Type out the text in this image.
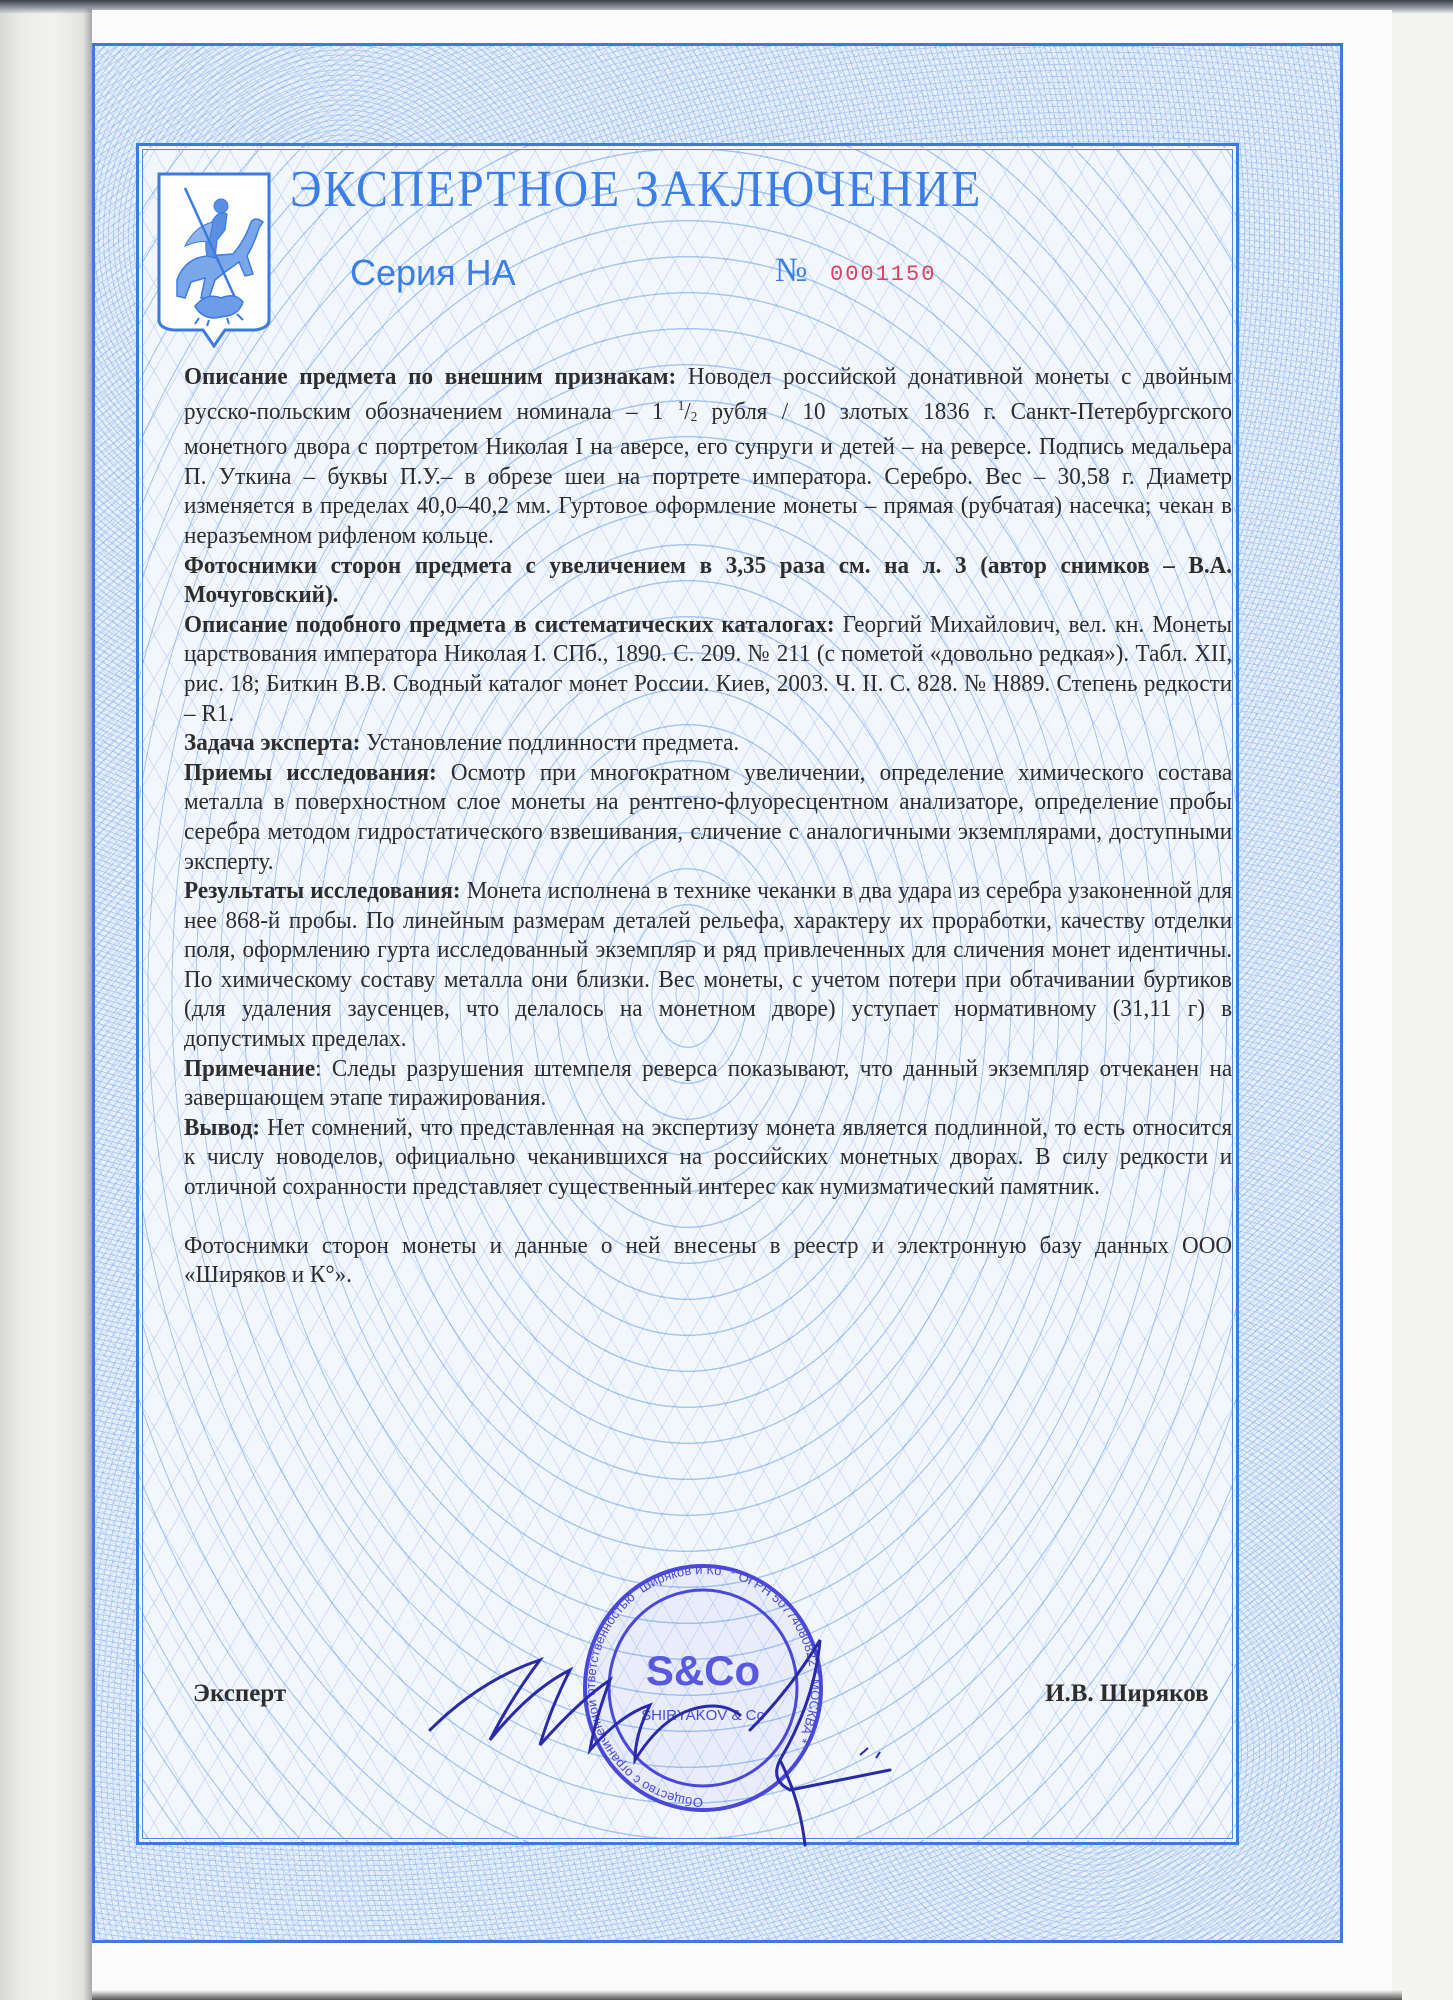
ЭКСПЕРТНОЕ ЗАКЛЮЧЕНИЕ
Серия НА	№ 0001150

Описание предмета по внешним признакам: Новодел российской донативной монеты с двойным русско-польским обозначением номинала – 1 $^1/_2$ рубля / 10 злотых 1836 г. Санкт-Петербургского монетного двора с портретом Николая I на аверсе, его супруги и детей – на реверсе. Подпись медальера П. Уткина – буквы П.У.– в обрезе шеи на портрете императора. Серебро. Вес – 30,58 г. Диаметр изменяется в пределах 40,0–40,2 мм. Гуртовое оформление монеты – прямая (рубчатая) насечка; чекан в неразъемном рифленом кольце.

Фотоснимки сторон предмета с увеличением в 3,35 раза см. на л. 3 (автор снимков – В.А. Мочуговский).

Описание подобного предмета в систематических каталогах: Георгий Михайлович, вел. кн. Монеты царствования императора Николая I. СПб., 1890. С. 209. № 211 (с пометой «довольно редкая»). Табл. XII, рис. 18; Биткин В.В. Сводный каталог монет России. Киев, 2003. Ч. II. С. 828. № Н889. Степень редкости – R1.

Задача эксперта: Установление подлинности предмета.

Приемы исследования: Осмотр при многократном увеличении, определение химического состава металла в поверхностном слое монеты на рентгено-флуоресцентном анализаторе, определение пробы серебра методом гидростатического взвешивания, сличение с аналогичными экземплярами, доступными эксперту.

Результаты исследования: Монета исполнена в технике чеканки в два удара из серебра узаконенной для нее 868-й пробы. По линейным размерам деталей рельефа, характеру их проработки, качеству отделки поля, оформлению гурта исследованный экземпляр и ряд привлеченных для сличения монет идентичны. По химическому составу металла они близки. Вес монеты, с учетом потери при обтачивании буртиков (для удаления заусенцев, что делалось на монетном дворе) уступает нормативному (31,11 г) в допустимых пределах.

Примечание: Следы разрушения штемпеля реверса показывают, что данный экземпляр отчеканен на завершающем этапе тиражирования.

Вывод: Нет сомнений, что представленная на экспертизу монета является подлинной, то есть относится к числу новоделов, официально чеканившихся на российских монетных дворах. В силу редкости и отличной сохранности представляет существенный интерес как нумизматический памятник.

Фотоснимки сторон монеты и данные о ней внесены в реестр и электронную базу данных ООО «Ширяков и К°».

Общество с ограниченной ответственностью "Ширяков и Ко" * ОГРН 50774080822 * МОСКВА *
S&Co
SHIRYAKOV & Co
Эксперт	И.В. Ширяков
